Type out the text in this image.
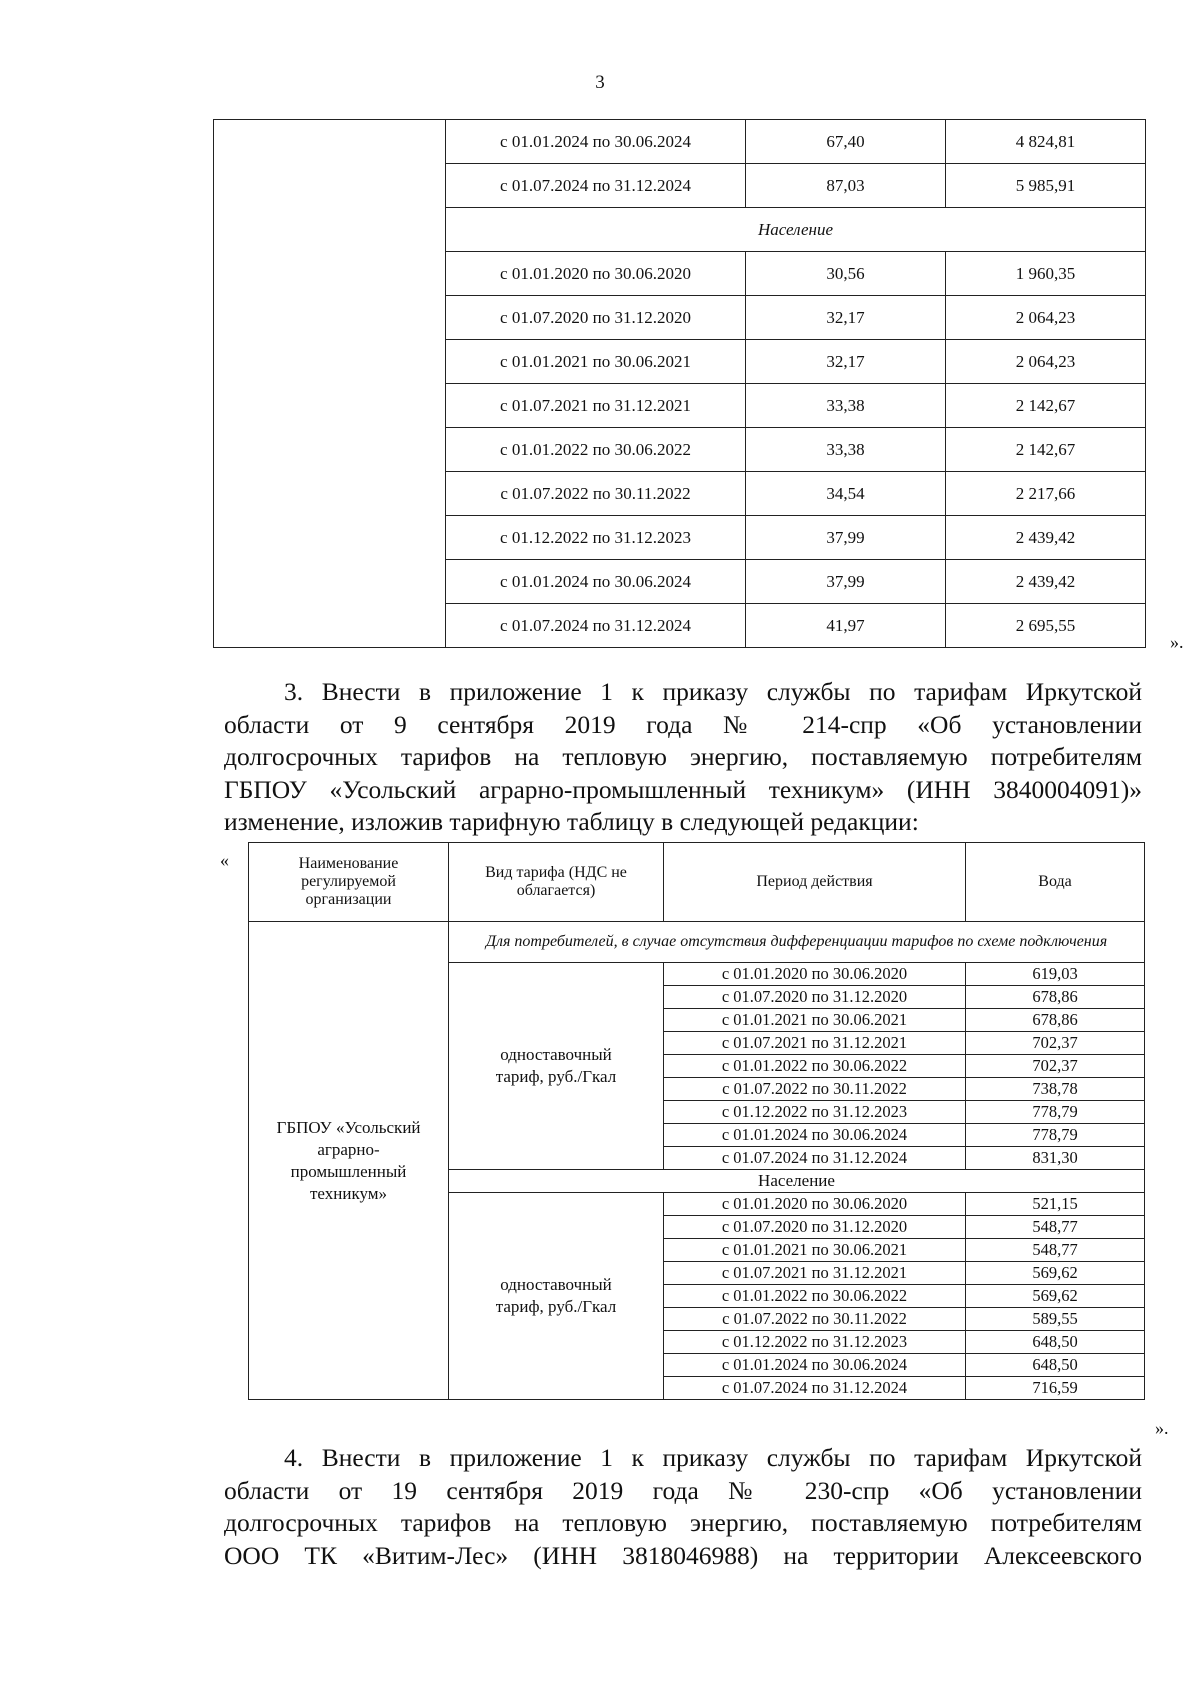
3
	с 01.01.2024 по 30.06.2024	67,40	4 824,81
	с 01.07.2024 по 31.12.2024	87,03	5 985,91
	Население		
	с 01.01.2020 по 30.06.2020	30,56	1 960,35
	с 01.07.2020 по 31.12.2020	32,17	2 064,23
	с 01.01.2021 по 30.06.2021	32,17	2 064,23
	с 01.07.2021 по 31.12.2021	33,38	2 142,67
	с 01.01.2022 по 30.06.2022	33,38	2 142,67
	с 01.07.2022 по 30.11.2022	34,54	2 217,66
	с 01.12.2022 по 31.12.2023	37,99	2 439,42
	с 01.01.2024 по 30.06.2024	37,99	2 439,42
	с 01.07.2024 по 31.12.2024	41,97	2 695,55
».
3. Внести в приложение 1 к приказу службы по тарифам Иркутской
области от 9 сентября 2019 года № 214-спр «Об установлении
долгосрочных тарифов на тепловую энергию, поставляемую потребителям
ГБПОУ «Усольский аграрно-промышленный техникум» (ИНН 3840004091)»
изменение, изложив тарифную таблицу в следующей редакции:
«	Наименование регулируемой организации	Вид тарифа (НДС не облагается)	Период действия	Вода
ГБПОУ «Усольский аграрно-промышленный техникум»	Для потребителей, в случае отсутствия дифференциации тарифов по схеме подключения		
	одноставочный тариф, руб./Гкал	с 01.01.2020 по 30.06.2020	619,03
		с 01.07.2020 по 31.12.2020	678,86
		с 01.01.2021 по 30.06.2021	678,86
		с 01.07.2021 по 31.12.2021	702,37
		с 01.01.2022 по 30.06.2022	702,37
		с 01.07.2022 по 30.11.2022	738,78
		с 01.12.2022 по 31.12.2023	778,79
		с 01.01.2024 по 30.06.2024	778,79
		с 01.07.2024 по 31.12.2024	831,30
	Население		
	одноставочный тариф, руб./Гкал	с 01.01.2020 по 30.06.2020	521,15
		с 01.07.2020 по 31.12.2020	548,77
		с 01.01.2021 по 30.06.2021	548,77
		с 01.07.2021 по 31.12.2021	569,62
		с 01.01.2022 по 30.06.2022	569,62
		с 01.07.2022 по 30.11.2022	589,55
		с 01.12.2022 по 31.12.2023	648,50
		с 01.01.2024 по 30.06.2024	648,50
		с 01.07.2024 по 31.12.2024	716,59
».
4. Внести в приложение 1 к приказу службы по тарифам Иркутской
области от 19 сентября 2019 года № 230-спр «Об установлении
долгосрочных тарифов на тепловую энергию, поставляемую потребителям
ООО ТК «Витим-Лес» (ИНН 3818046988) на территории Алексеевского
